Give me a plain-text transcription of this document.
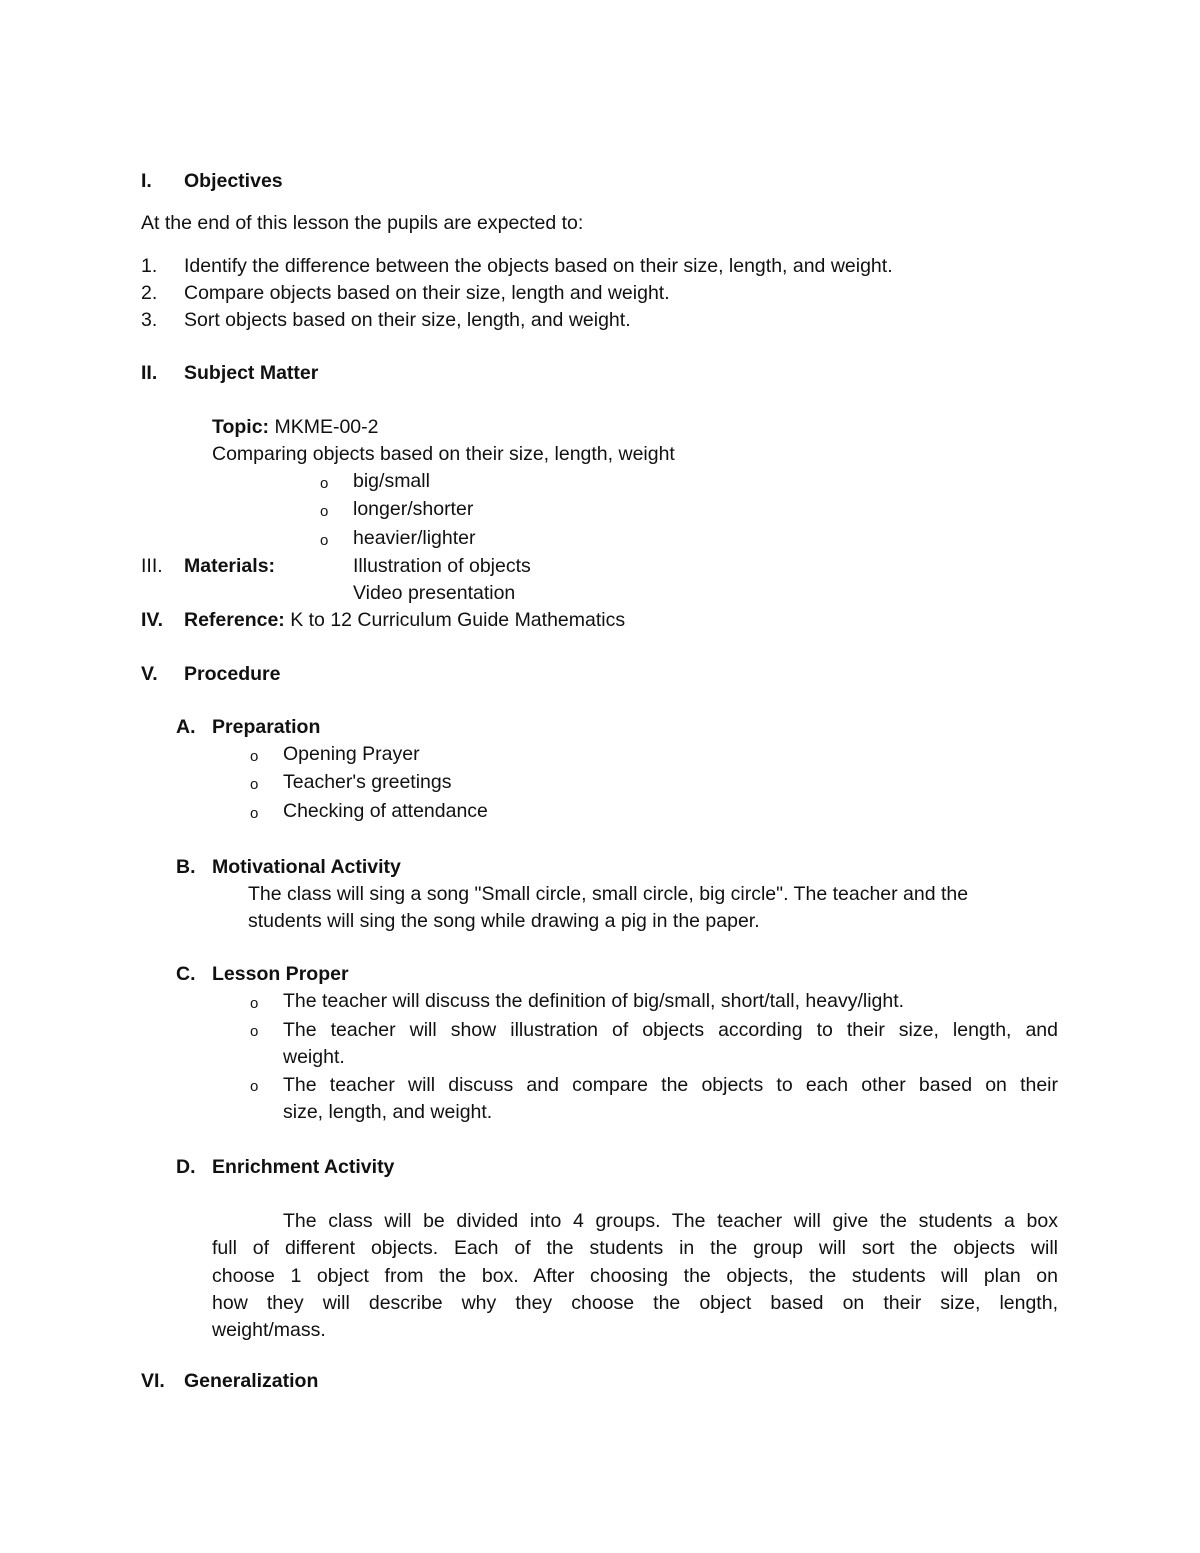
I. Objectives
At the end of this lesson the pupils are expected to:
1. Identify the difference between the objects based on their size, length, and weight.
2. Compare objects based on their size, length and weight.
3. Sort objects based on their size, length, and weight.
II. Subject Matter
Topic: MKME-00-2
Comparing objects based on their size, length, weight
o big/small
o longer/shorter
o heavier/lighter
III. Materials:	Illustration of objects
Video presentation
IV. Reference: K to 12 Curriculum Guide Mathematics
V. Procedure
A. Preparation
o Opening Prayer
o Teacher's greetings
o Checking of attendance
B. Motivational Activity
The class will sing a song "Small circle, small circle, big circle". The teacher and the
students will sing the song while drawing a pig in the paper.
C. Lesson Proper
o The teacher will discuss the definition of big/small, short/tall, heavy/light.
o The teacher will show illustration of objects according to their size, length, and
weight.
o The teacher will discuss and compare the objects to each other based on their
size, length, and weight.
D. Enrichment Activity
The class will be divided into 4 groups. The teacher will give the students a box
full of different objects. Each of the students in the group will sort the objects will
choose 1 object from the box. After choosing the objects, the students will plan on
how they will describe why they choose the object based on their size, length,
weight/mass.
VI. Generalization
